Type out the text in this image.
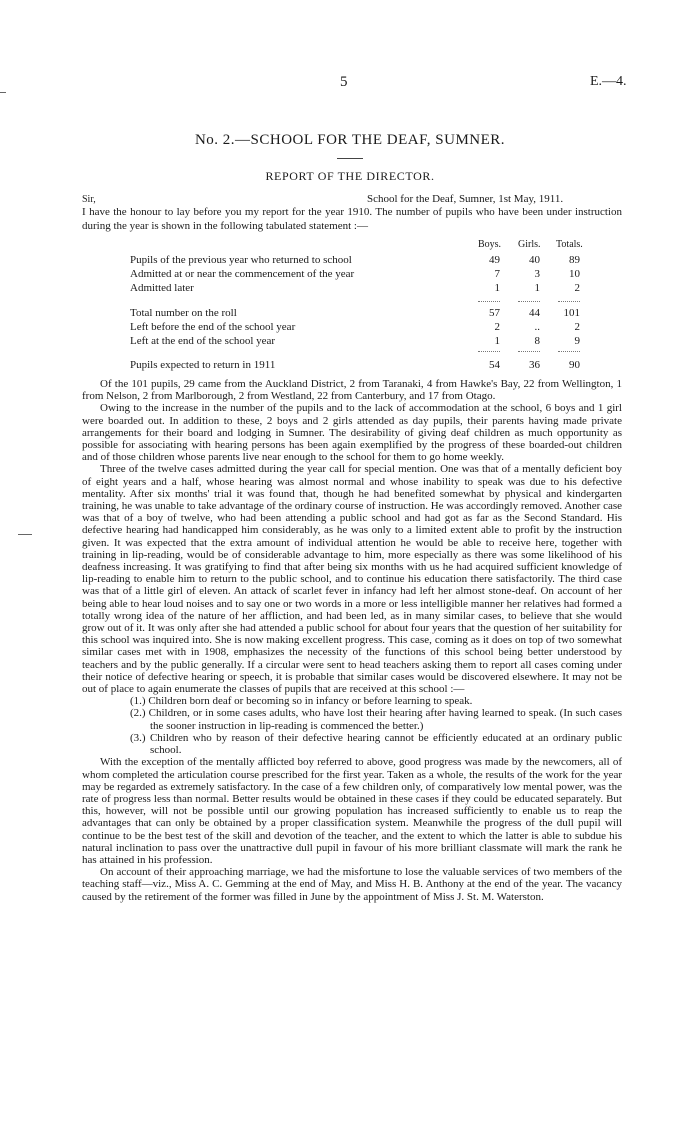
5	E.—4.
No. 2.—SCHOOL FOR THE DEAF, SUMNER.
REPORT OF THE DIRECTOR.
Sir,	School for the Deaf, Sumner, 1st May, 1911.

I have the honour to lay before you my report for the year 1910. The number of pupils who have been under instruction during the year is shown in the following tabulated statement :—

Boys. Girls. Totals.
Pupils of the previous year who returned to school	49	40	89
Admitted at or near the commencement of the year	7	3	10
Admitted later	1	1	2
Total number on the roll	57	44	101
Left before the end of the school year	2	..	2
Left at the end of the school year	1	8	9
Pupils expected to return in 1911	54	36	90

Of the 101 pupils, 29 came from the Auckland District, 2 from Taranaki, 4 from Hawke's Bay, 22 from Wellington, 1 from Nelson, 2 from Marlborough, 2 from Westland, 22 from Canterbury, and 17 from Otago.

Owing to the increase in the number of the pupils and to the lack of accommodation at the school, 6 boys and 1 girl were boarded out. In addition to these, 2 boys and 2 girls attended as day pupils, their parents having made private arrangements for their board and lodging in Sumner. The desirability of giving deaf children as much opportunity as possible for associating with hearing persons has been again exemplified by the progress of these boarded-out children and of those children whose parents live near enough to the school for them to go home weekly.

Three of the twelve cases admitted during the year call for special mention. One was that of a mentally deficient boy of eight years and a half, whose hearing was almost normal and whose inability to speak was due to his defective mentality. After six months' trial it was found that, though he had benefited somewhat by physical and kindergarten training, he was unable to take advantage of the ordinary course of instruction. He was accordingly removed. Another case was that of a boy of twelve, who had been attending a public school and had got as far as the Second Standard. His defective hearing had handicapped him considerably, as he was only to a limited extent able to profit by the instruction given. It was expected that the extra amount of individual attention he would be able to receive here, together with training in lip-reading, would be of considerable advantage to him, more especially as there was some likelihood of his deafness increasing. It was gratifying to find that after being six months with us he had acquired sufficient knowledge of lip-reading to enable him to return to the public school, and to continue his education there satisfactorily. The third case was that of a little girl of eleven. An attack of scarlet fever in infancy had left her almost stone-deaf. On account of her being able to hear loud noises and to say one or two words in a more or less intelligible manner her relatives had formed a totally wrong idea of the nature of her affliction, and had been led, as in many similar cases, to believe that she would grow out of it. It was only after she had attended a public school for about four years that the question of her suitability for this school was inquired into. She is now making excellent progress. This case, coming as it does on top of two somewhat similar cases met with in 1908, emphasizes the necessity of the functions of this school being better understood by teachers and by the public generally. If a circular were sent to head teachers asking them to report all cases coming under their notice of defective hearing or speech, it is probable that similar cases would be discovered elsewhere. It may not be out of place to again enumerate the classes of pupils that are received at this school :—

(1.) Children born deaf or becoming so in infancy or before learning to speak.
(2.) Children, or in some cases adults, who have lost their hearing after having learned to speak. (In such cases the sooner instruction in lip-reading is commenced the better.)
(3.) Children who by reason of their defective hearing cannot be efficiently educated at an ordinary public school.

With the exception of the mentally afflicted boy referred to above, good progress was made by the newcomers, all of whom completed the articulation course prescribed for the first year. Taken as a whole, the results of the work for the year may be regarded as extremely satisfactory. In the case of a few children only, of comparatively low mental power, was the rate of progress less than normal. Better results would be obtained in these cases if they could be educated separately. But this, however, will not be possible until our growing population has increased sufficiently to enable us to reap the advantages that can only be obtained by a proper classification system. Meanwhile the progress of the dull pupil will continue to be the best test of the skill and devotion of the teacher, and the extent to which the latter is able to subdue his natural inclination to pass over the unattractive dull pupil in favour of his more brilliant classmate will mark the rank he has attained in his profession.

On account of their approaching marriage, we had the misfortune to lose the valuable services of two members of the teaching staff—viz., Miss A. C. Gemming at the end of May, and Miss H. B. Anthony at the end of the year. The vacancy caused by the retirement of the former was filled in June by the appointment of Miss J. St. M. Waterston.
